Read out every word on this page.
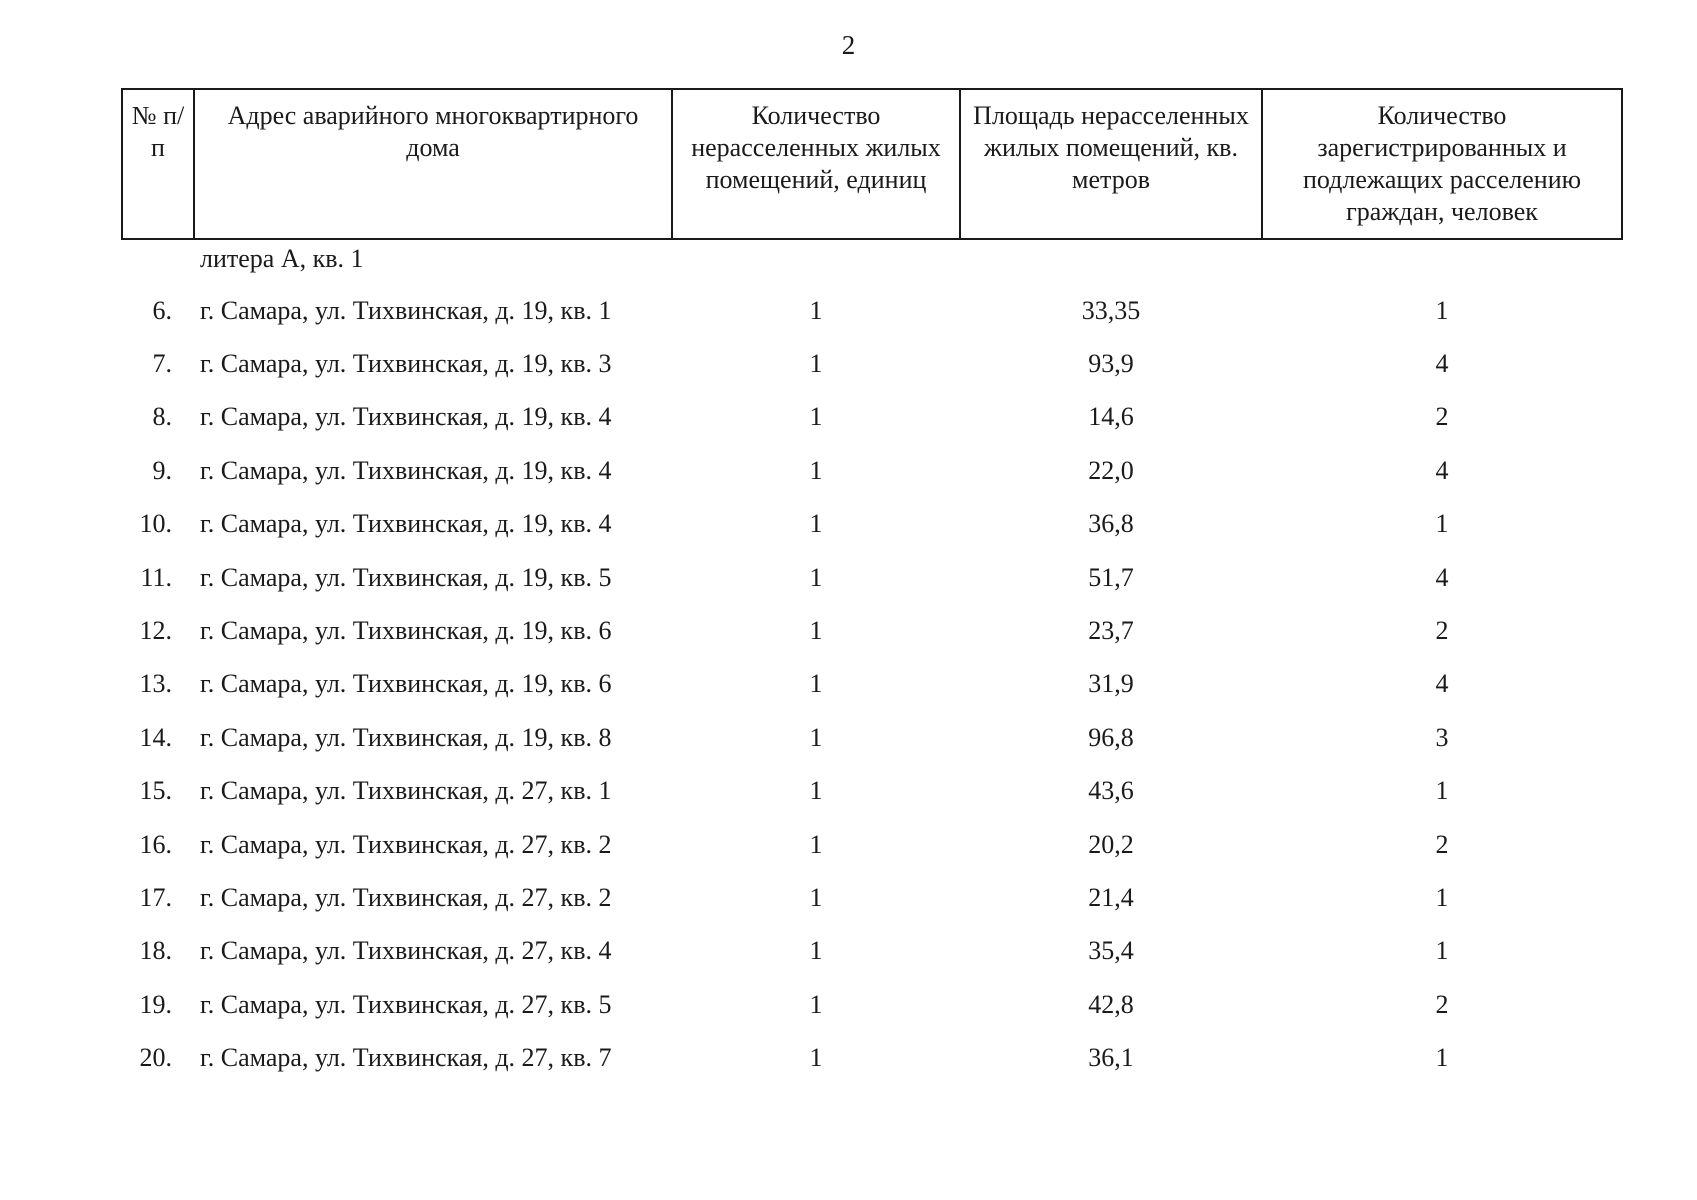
2
№ п/п	Адрес аварийного многоквартирного дома	Количество нерасселенных жилых помещений, единиц	Площадь нерасселенных жилых помещений, кв. метров	Количество зарегистрированных и подлежащих расселению граждан, человек
	литера А, кв. 1			
6.	г. Самара, ул. Тихвинская, д. 19, кв. 1	1	33,35	1
7.	г. Самара, ул. Тихвинская, д. 19, кв. 3	1	93,9	4
8.	г. Самара, ул. Тихвинская, д. 19, кв. 4	1	14,6	2
9.	г. Самара, ул. Тихвинская, д. 19, кв. 4	1	22,0	4
10.	г. Самара, ул. Тихвинская, д. 19, кв. 4	1	36,8	1
11.	г. Самара, ул. Тихвинская, д. 19, кв. 5	1	51,7	4
12.	г. Самара, ул. Тихвинская, д. 19, кв. 6	1	23,7	2
13.	г. Самара, ул. Тихвинская, д. 19, кв. 6	1	31,9	4
14.	г. Самара, ул. Тихвинская, д. 19, кв. 8	1	96,8	3
15.	г. Самара, ул. Тихвинская, д. 27, кв. 1	1	43,6	1
16.	г. Самара, ул. Тихвинская, д. 27, кв. 2	1	20,2	2
17.	г. Самара, ул. Тихвинская, д. 27, кв. 2	1	21,4	1
18.	г. Самара, ул. Тихвинская, д. 27, кв. 4	1	35,4	1
19.	г. Самара, ул. Тихвинская, д. 27, кв. 5	1	42,8	2
20.	г. Самара, ул. Тихвинская, д. 27, кв. 7	1	36,1	1
